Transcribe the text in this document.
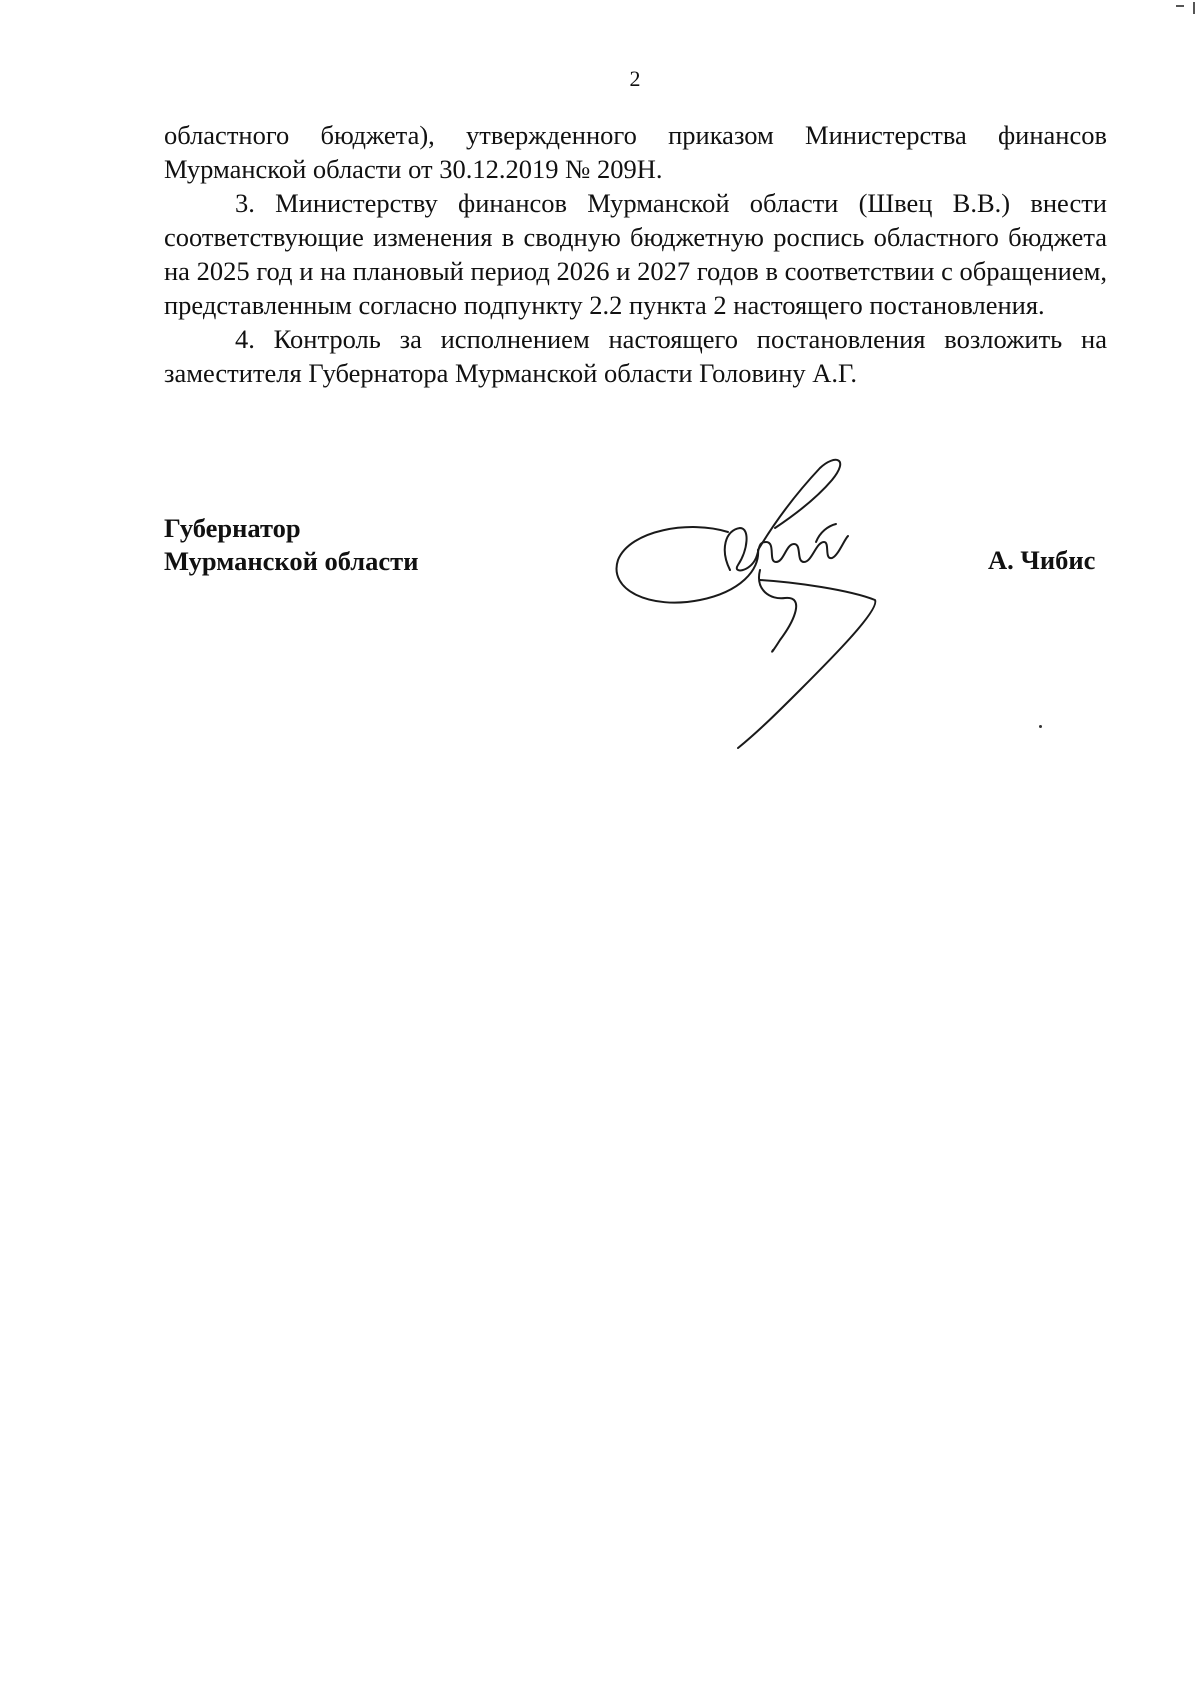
2

областного бюджета), утвержденного приказом Министерства финансов Мурманской области от 30.12.2019 № 209Н.

3. Министерству финансов Мурманской области (Швец В.В.) внести соответствующие изменения в сводную бюджетную роспись областного бюджета на 2025 год и на плановый период 2026 и 2027 годов в соответствии с обращением, представленным согласно подпункту 2.2 пункта 2 настоящего постановления.

4. Контроль за исполнением настоящего постановления возложить на заместителя Губернатора Мурманской области Головину А.Г.

Губернатор
Мурманской области	А. Чибис
